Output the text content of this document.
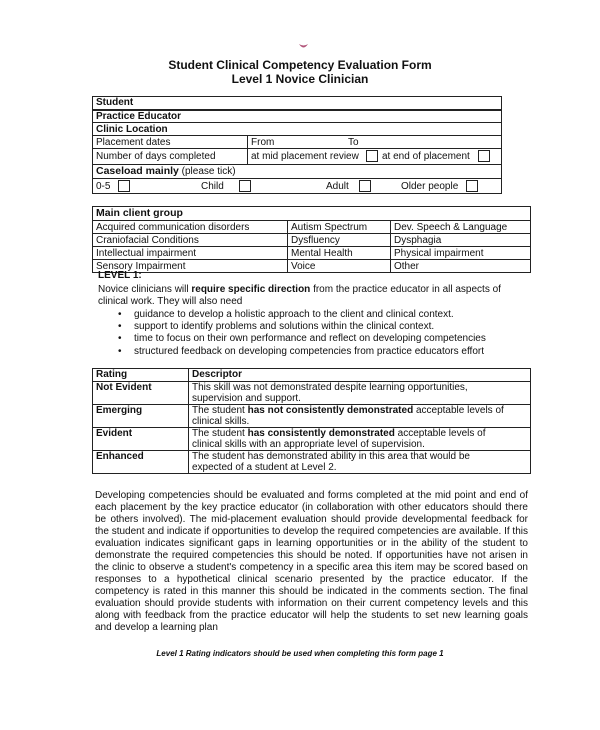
Student Clinical Competency Evaluation Form
Level 1 Novice Clinician
Student	
Practice Educator	
Clinic Location	
Placement dates	From To

Number of days completed	at mid placement review at end of placement

Caseload mainly (please tick)	

0-5 Child Adult Older people	
Main client group		
Acquired communication disorders	Autism Spectrum	Dev. Speech & Language
Craniofacial Conditions	Dysfluency	Dysphagia
Intellectual impairment	Mental Health	Physical impairment
Sensory Impairment	Voice	Other
LEVEL 1:
Novice clinicians will require specific direction from the practice educator in all aspects of clinical work. They will also need
• guidance to develop a holistic approach to the client and clinical context.
• support to identify problems and solutions within the clinical context.
• time to focus on their own performance and reflect on developing competencies
• structured feedback on developing competencies from practice educators effort
Rating	Descriptor
Not Evident	This skill was not demonstrated despite learning opportunities, supervision and support.
Emerging	The student has not consistently demonstrated acceptable levels of clinical skills.
Evident	The student has consistently demonstrated acceptable levels of clinical skills with an appropriate level of supervision.
Enhanced	The student has demonstrated ability in this area that would be expected of a student at Level 2.
Developing competencies should be evaluated and forms completed at the mid point and end of each placement by the key practice educator (in collaboration with other educators should there be others involved). The mid-placement evaluation should provide developmental feedback for the student and indicate if opportunities to develop the required competencies are available. If this evaluation indicates significant gaps in learning opportunities or in the ability of the student to demonstrate the required competencies this should be noted. If opportunities have not arisen in the clinic to observe a student's competency in a specific area this item may be scored based on responses to a hypothetical clinical scenario presented by the practice educator. If the competency is rated in this manner this should be indicated in the comments section. The final evaluation should provide students with information on their current competency levels and this along with feedback from the practice educator will help the students to set new learning goals and develop a learning plan
Level 1 Rating indicators should be used when completing this form page 1
